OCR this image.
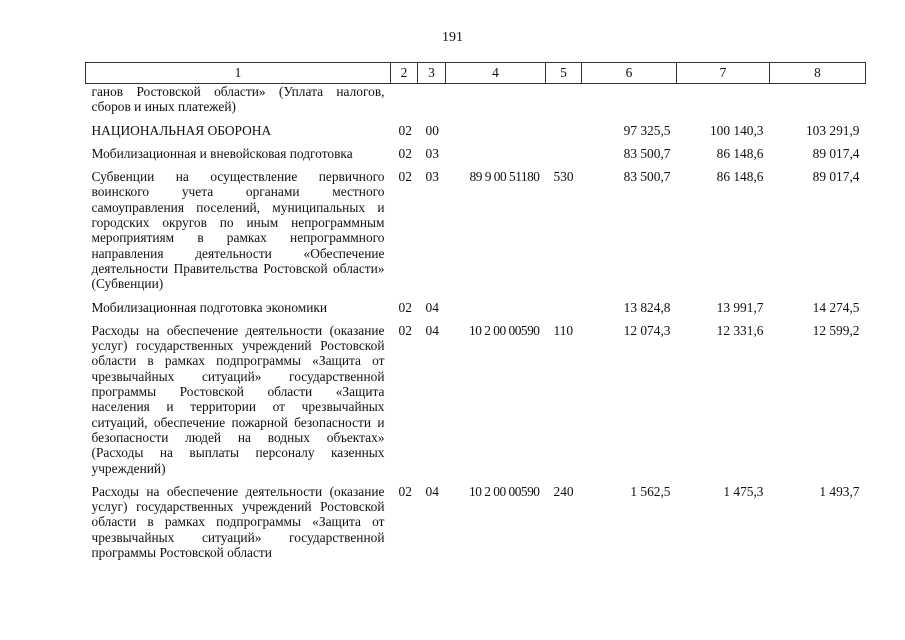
191
1	2	3	4	5	6	7	8
ганов Ростовской области» (Уплата налогов, сборов и иных платежей)							
НАЦИОНАЛЬНАЯ ОБОРОНА	02	00			97 325,5	100 140,3	103 291,9
Мобилизационная и вневойсковая подготовка	02	03			83 500,7	86 148,6	89 017,4
Субвенции на осуществление первичного воинского учета органами местного самоуправления поселений, муниципальных и городских округов по иным непрограммным мероприятиям в рамках непрограммного направления деятельности «Обеспечение деятельности Правительства Ростовской области» (Субвенции)	02	03	89 9 00 51180	530	83 500,7	86 148,6	89 017,4
Мобилизационная подготовка экономики	02	04			13 824,8	13 991,7	14 274,5
Расходы на обеспечение деятельности (оказание услуг) государственных учреждений Ростовской области в рамках подпрограммы «Защита от чрезвычайных ситуаций» государственной программы Ростовской области «Защита населения и территории от чрезвычайных ситуаций, обеспечение пожарной безопасности и безопасности людей на водных объектах» (Расходы на выплаты персоналу казенных учреждений)	02	04	10 2 00 00590	110	12 074,3	12 331,6	12 599,2
Расходы на обеспечение деятельности (оказание услуг) государственных учреждений Ростовской области в рамках подпрограммы «Защита от чрезвычайных ситуаций» государственной программы Ростовской области	02	04	10 2 00 00590	240	1 562,5	1 475,3	1 493,7
